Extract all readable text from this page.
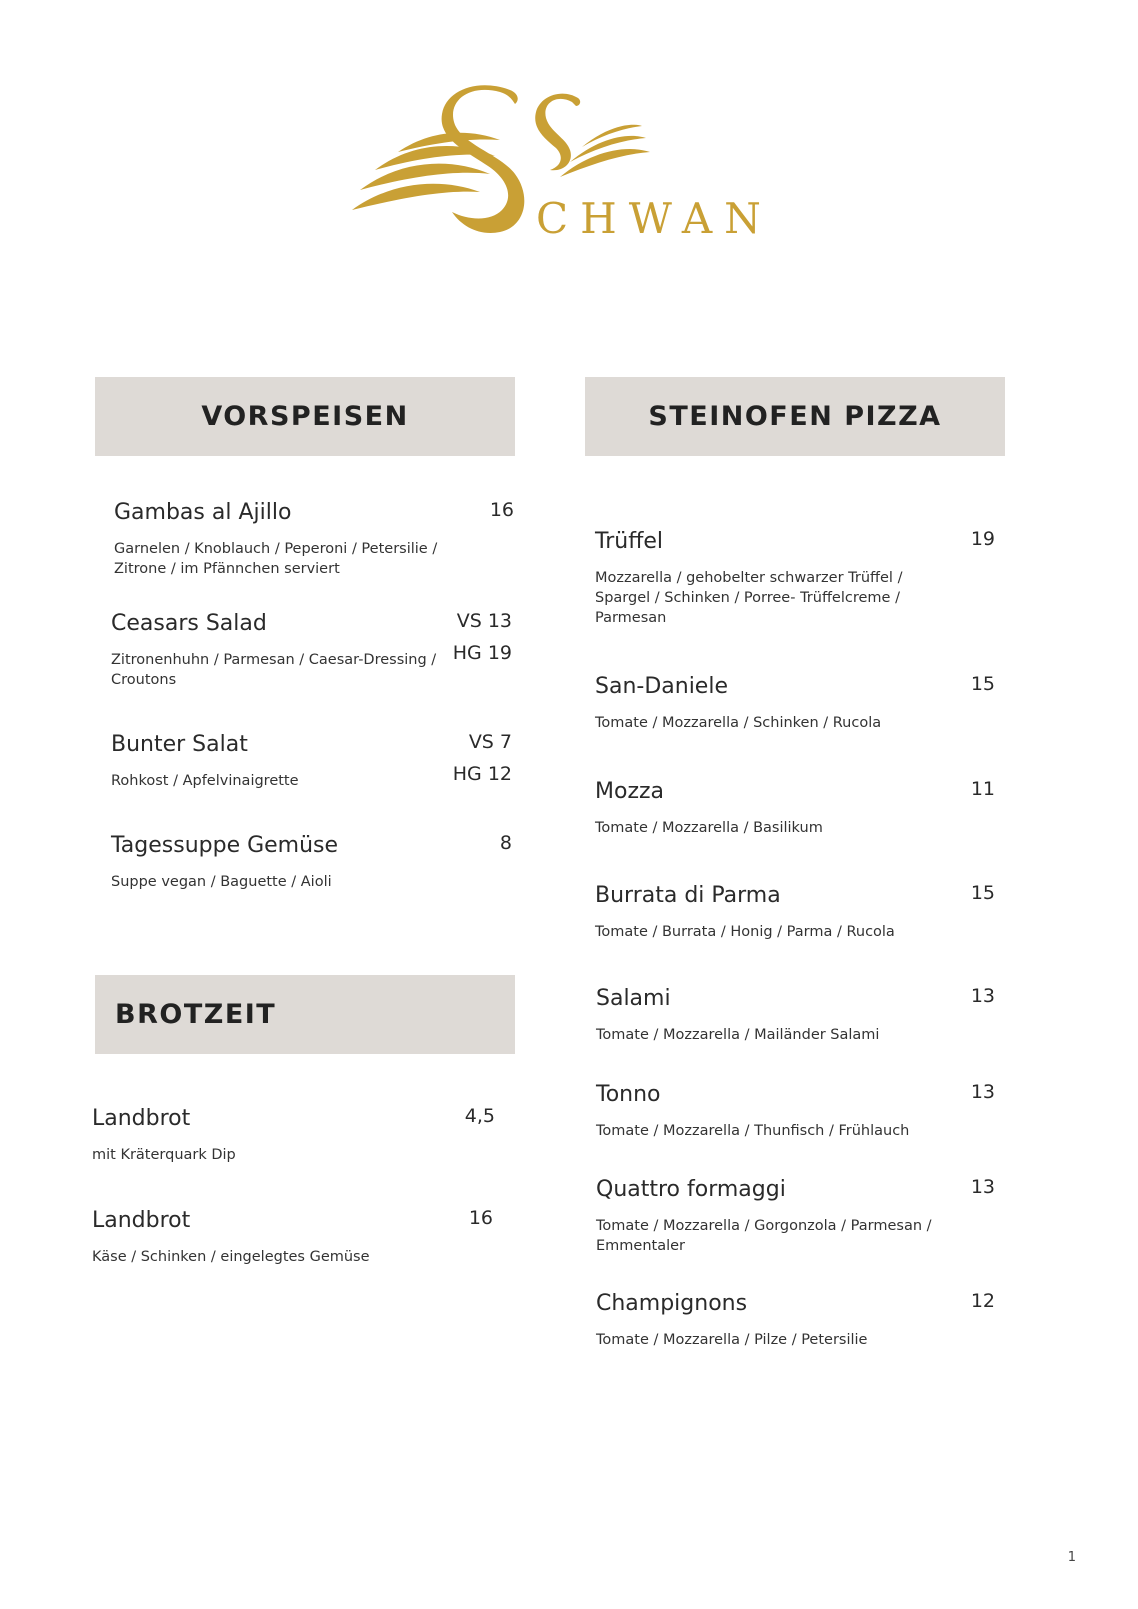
CHWAN
VORSPEISEN	STEINOFEN PIZZA
BROTZEIT
Gambas al Ajillo
Garnelen / Knoblauch / Peperoni / Petersilie / Zitrone / im Pfännchen serviert
16
Ceasars Salad
Zitronenhuhn / Parmesan / Caesar-Dressing / Croutons
VS 13
HG 19
Bunter Salat
Rohkost / Apfelvinaigrette
VS 7
HG 12
Tagessuppe Gemüse
Suppe vegan / Baguette / Aioli
8
Landbrot
mit Kräterquark Dip
4,5
Landbrot
Käse / Schinken / eingelegtes Gemüse
16
Trüffel
Mozzarella / gehobelter schwarzer Trüffel / Spargel / Schinken / Porree- Trüffelcreme / Parmesan
19
San-Daniele
Tomate / Mozzarella / Schinken / Rucola
15
Mozza
Tomate / Mozzarella / Basilikum
11
Burrata di Parma
Tomate / Burrata / Honig / Parma / Rucola
15
Salami
Tomate / Mozzarella / Mailänder Salami
13
Tonno
Tomate / Mozzarella / Thunfisch / Frühlauch
13
Quattro formaggi
Tomate / Mozzarella / Gorgonzola / Parmesan / Emmentaler
13
Champignons
Tomate / Mozzarella / Pilze / Petersilie
12
1
